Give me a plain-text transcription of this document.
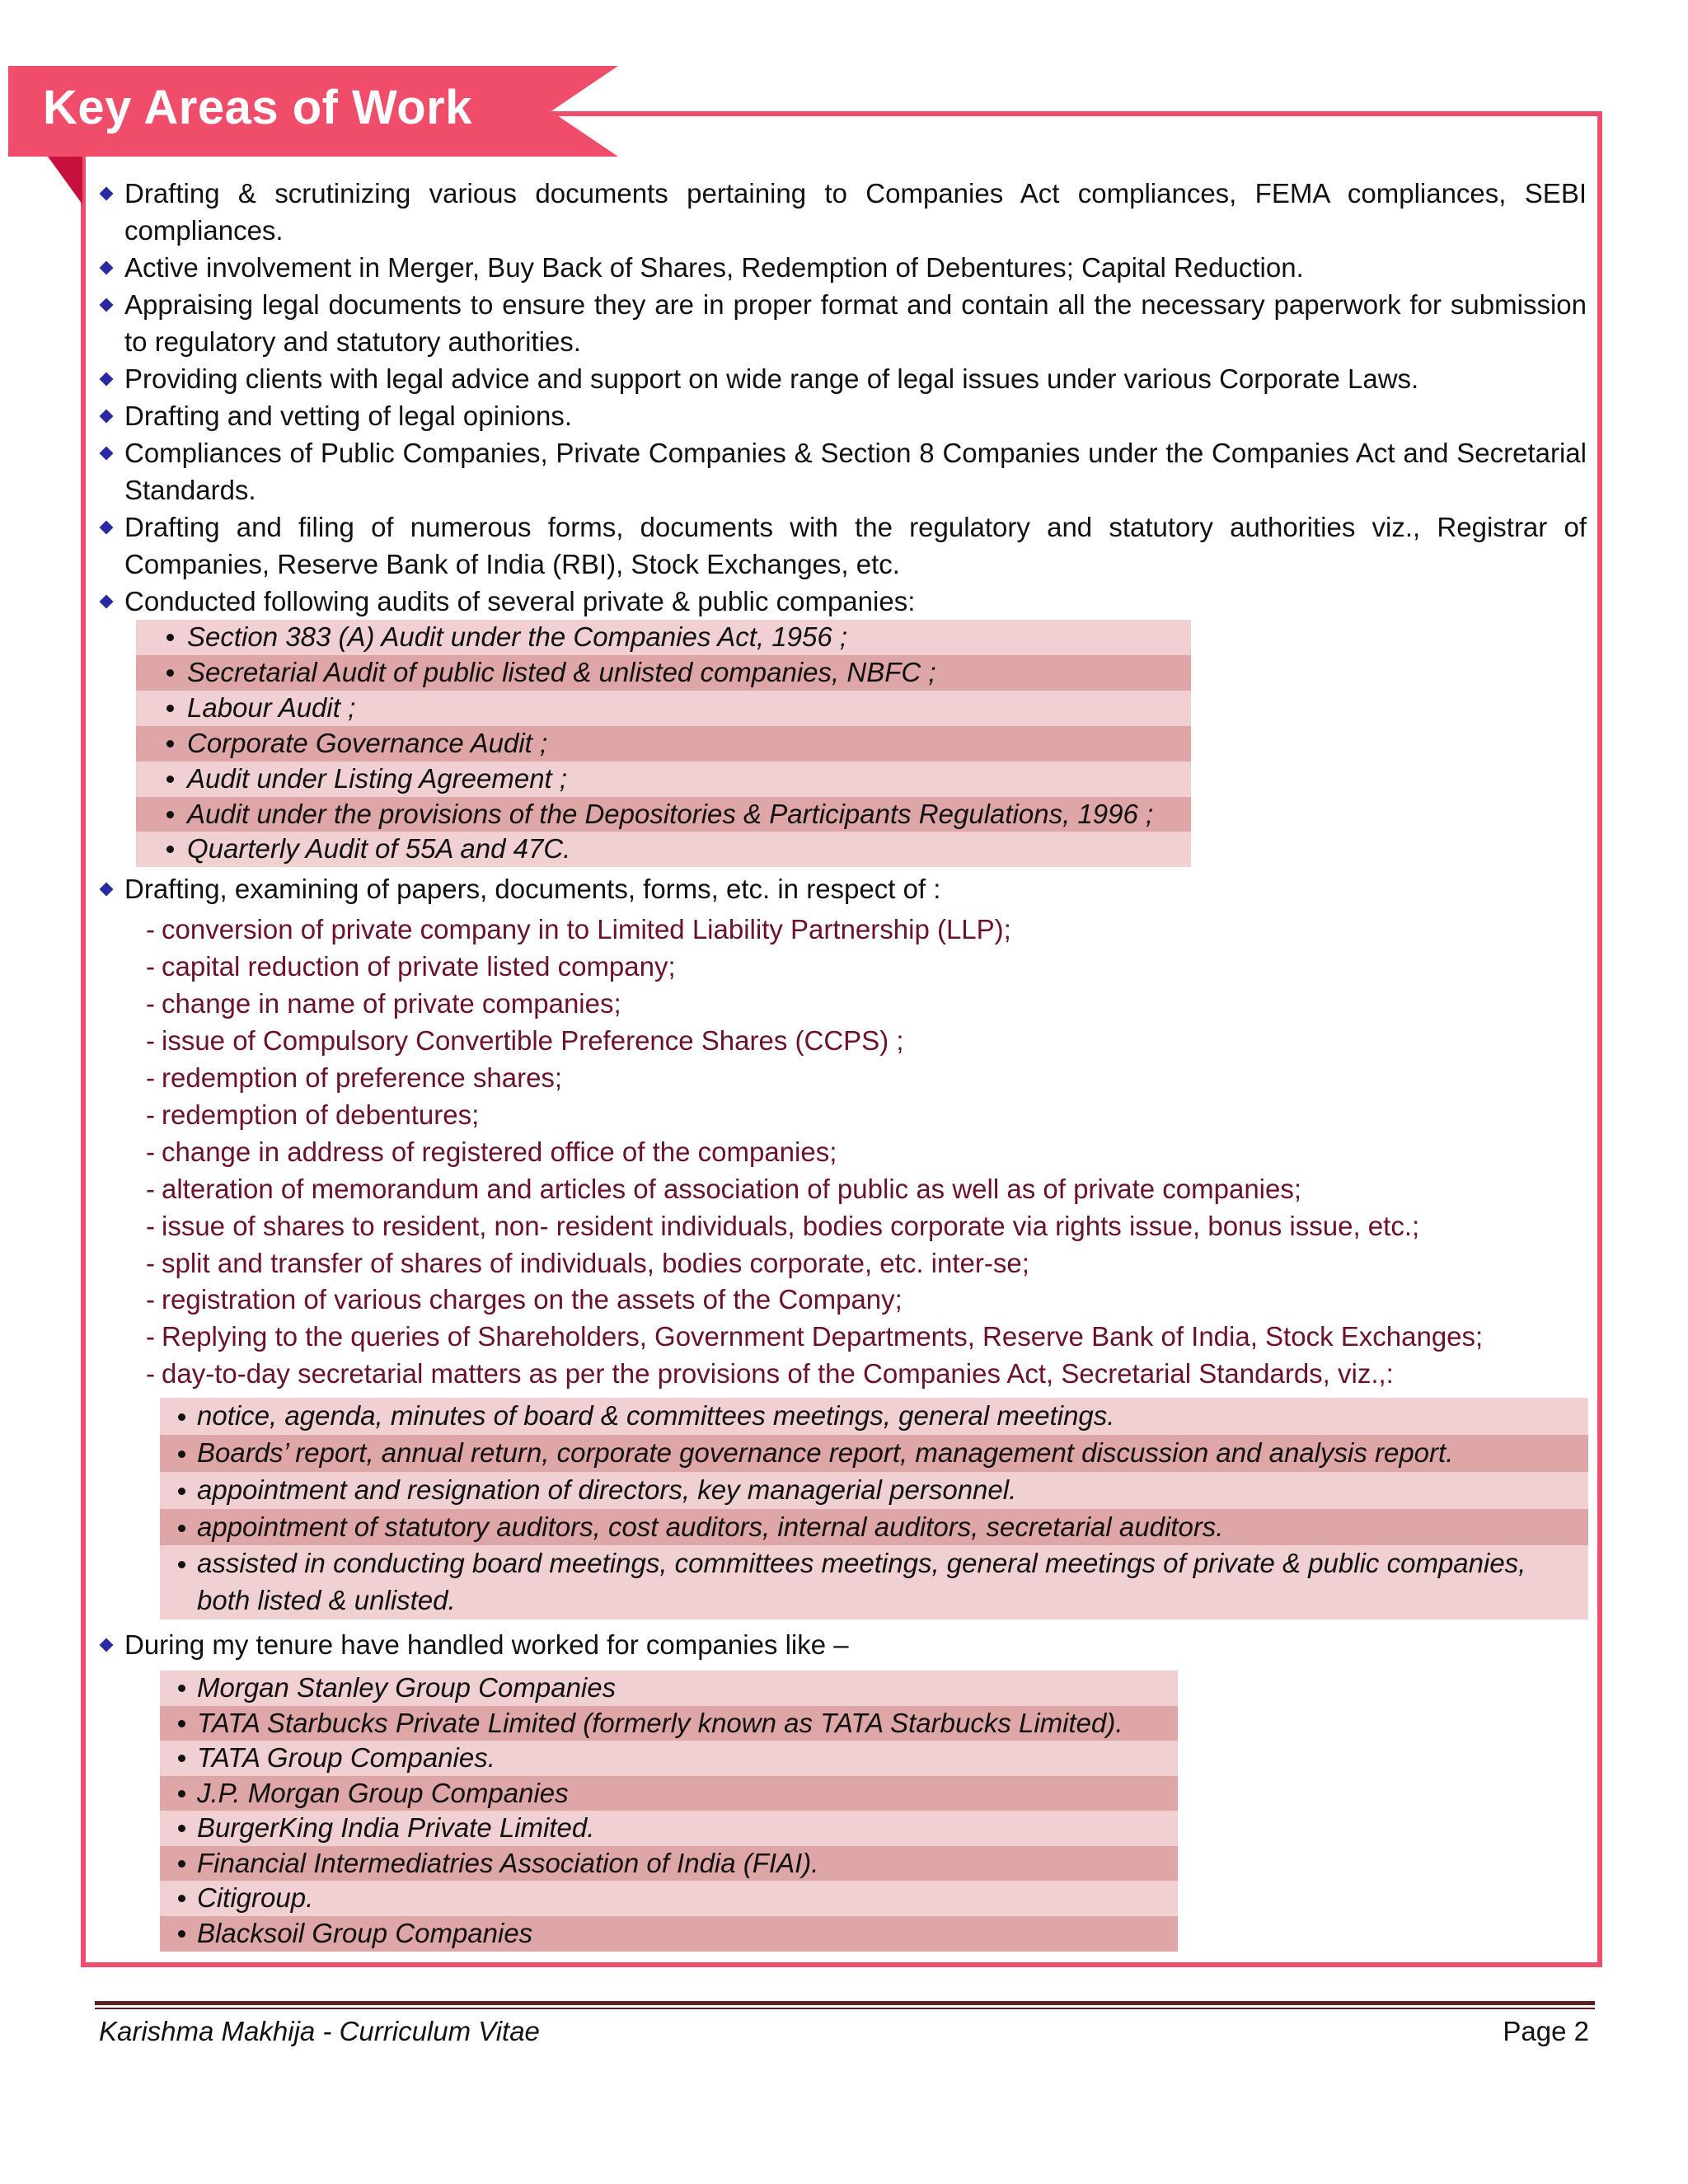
Key Areas of Work
Drafting & scrutinizing various documents pertaining to Companies Act compliances, FEMA compliances, SEBI compliances.
Active involvement in Merger, Buy Back of Shares, Redemption of Debentures; Capital Reduction.
Appraising legal documents to ensure they are in proper format and contain all the necessary paperwork for submission to regulatory and statutory authorities.
Providing clients with legal advice and support on wide range of legal issues under various Corporate Laws.
Drafting and vetting of legal opinions.
Compliances of Public Companies, Private Companies & Section 8 Companies under the Companies Act and Secretarial Standards.
Drafting and filing of numerous forms, documents with the regulatory and statutory authorities viz., Registrar of Companies, Reserve Bank of India (RBI), Stock Exchanges, etc.
Conducted following audits of several private & public companies:
Section 383 (A) Audit under the Companies Act, 1956 ;
Secretarial Audit of public listed & unlisted companies, NBFC ;
Labour Audit ;
Corporate Governance Audit ;
Audit under Listing Agreement ;
Audit under the provisions of the Depositories & Participants Regulations, 1996 ;
Quarterly Audit of 55A and 47C.
Drafting, examining of papers, documents, forms, etc. in respect of :
- conversion of private company in to Limited Liability Partnership (LLP);
- capital reduction of private listed company;
- change in name of private companies;
- issue of Compulsory Convertible Preference Shares (CCPS) ;
- redemption of preference shares;
- redemption of debentures;
- change in address of registered office of the companies;
- alteration of memorandum and articles of association of public as well as of private companies;
- issue of shares to resident, non- resident individuals, bodies corporate via rights issue, bonus issue, etc.;
- split and transfer of shares of individuals, bodies corporate, etc. inter-se;
- registration of various charges on the assets of the Company;
- Replying to the queries of Shareholders, Government Departments, Reserve Bank of India, Stock Exchanges;
- day-to-day secretarial matters as per the provisions of the Companies Act, Secretarial Standards, viz.,:
notice, agenda, minutes of board & committees meetings, general meetings.
Boards’ report, annual return, corporate governance report, management discussion and analysis report.
appointment and resignation of directors, key managerial personnel.
appointment of statutory auditors, cost auditors, internal auditors, secretarial auditors.
assisted in conducting board meetings, committees meetings, general meetings of private & public companies, both listed & unlisted.
During my tenure have handled worked for companies like –
Morgan Stanley Group Companies
TATA Starbucks Private Limited (formerly known as TATA Starbucks Limited).
TATA Group Companies.
J.P. Morgan Group Companies
BurgerKing India Private Limited.
Financial Intermediatries Association of India (FIAI).
Citigroup.
Blacksoil Group Companies
Karishma Makhija - Curriculum Vitae	Page 2
